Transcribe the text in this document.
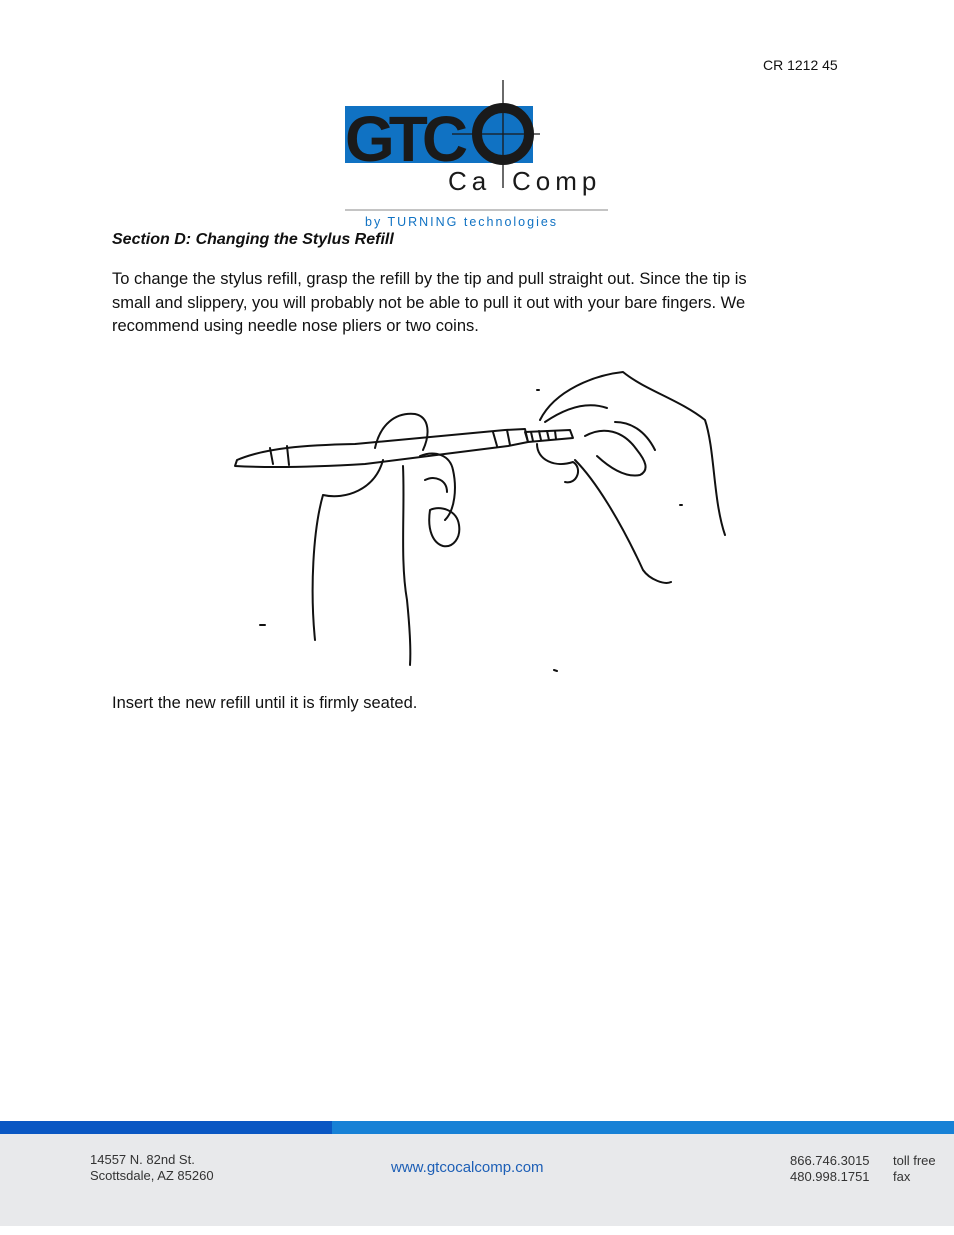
CR 1212 45
GTC
Ca Comp
by TURNING technologies
Section D: Changing the Stylus Refill
To change the stylus refill, grasp the refill by the tip and pull straight out. Since the tip is
small and slippery, you will probably not be able to pull it out with your bare fingers. We
recommend using needle nose pliers or two coins.

Insert the new refill until it is firmly seated.

14557 N. 82nd St.
Scottsdale, AZ 85260	www.gtcocalcomp.com	866.746.3015 toll free
480.998.1751 fax
